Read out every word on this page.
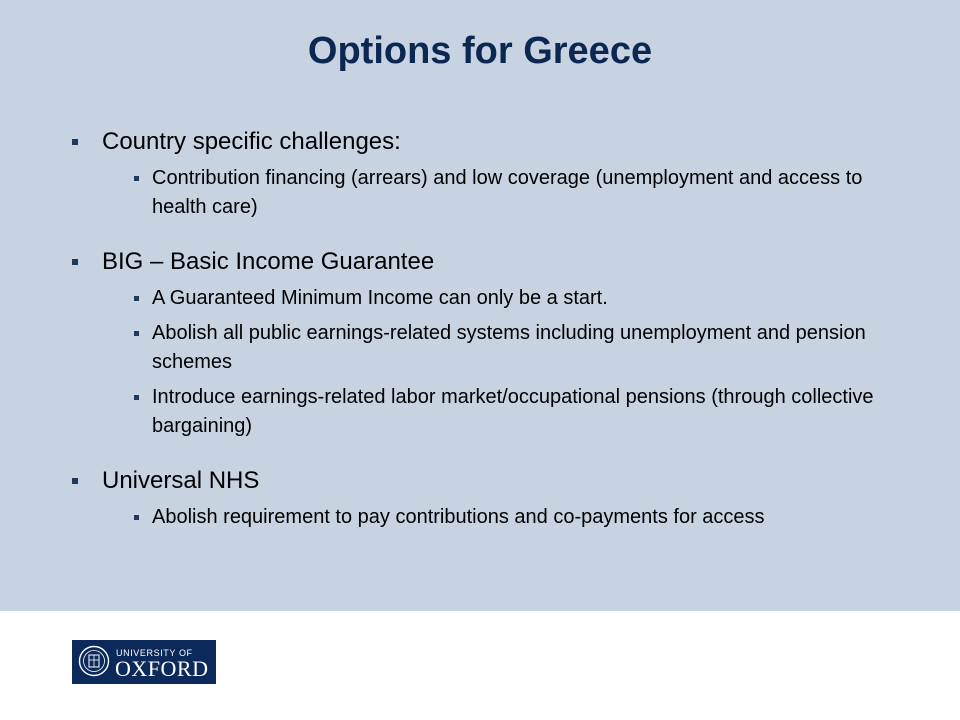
Options for Greece
Country specific challenges:
Contribution financing (arrears) and low coverage (unemployment and access to health care)
BIG – Basic Income Guarantee
A Guaranteed Minimum Income can only be a start.
Abolish all public earnings-related systems including unemployment and pension schemes
Introduce earnings-related labor market/occupational pensions (through collective bargaining)
Universal NHS
Abolish requirement to pay contributions and co-payments for access
UNIVERSITY OF
OXFORD
